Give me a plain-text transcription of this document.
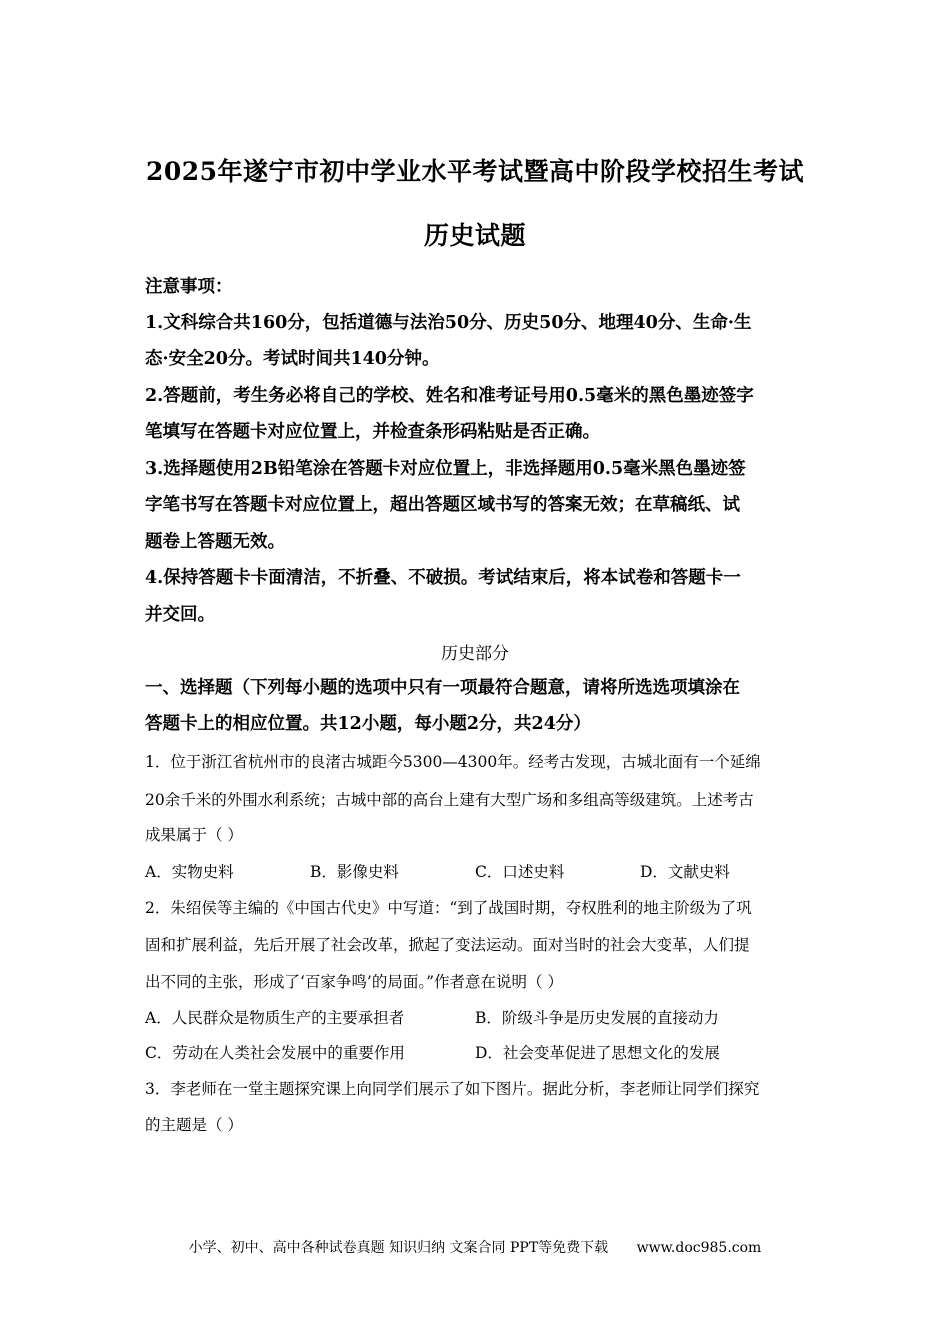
2025年遂宁市初中学业水平考试暨高中阶段学校招生考试
历史试题
注意事项：
1.文科综合共160分，包括道德与法治50分、历史50分、地理40分、生命·生
态·安全20分。考试时间共140分钟。
2.答题前，考生务必将自己的学校、姓名和准考证号用0.5毫米的黑色墨迹签字
笔填写在答题卡对应位置上，并检查条形码粘贴是否正确。
3.选择题使用2B铅笔涂在答题卡对应位置上，非选择题用0.5毫米黑色墨迹签
字笔书写在答题卡对应位置上，超出答题区域书写的答案无效；在草稿纸、试
题卷上答题无效。
4.保持答题卡卡面清洁，不折叠、不破损。考试结束后，将本试卷和答题卡一
并交回。
历史部分
一、选择题（下列每小题的选项中只有一项最符合题意，请将所选选项填涂在
答题卡上的相应位置。共12小题，每小题2分，共24分）
1．位于浙江省杭州市的良渚古城距今5300—4300年。经考古发现，古城北面有一个延绵
20余千米的外围水利系统；古城中部的高台上建有大型广场和多组高等级建筑。上述考古
成果属于（ ）
A．实物史料	B．影像史料	C．口述史料	D．文献史料
2．朱绍侯等主编的《中国古代史》中写道：“到了战国时期，夺权胜利的地主阶级为了巩
固和扩展利益，先后开展了社会改革，掀起了变法运动。面对当时的社会大变革，人们提
出不同的主张，形成了‘百家争鸣’的局面。”作者意在说明（ ）
A．人民群众是物质生产的主要承担者	B．阶级斗争是历史发展的直接动力
C．劳动在人类社会发展中的重要作用	D．社会变革促进了思想文化的发展
3．李老师在一堂主题探究课上向同学们展示了如下图片。据此分析，李老师让同学们探究
的主题是（ ）
小学、初中、高中各种试卷真题 知识归纳 文案合同 PPT等免费下载 www.doc985.com
